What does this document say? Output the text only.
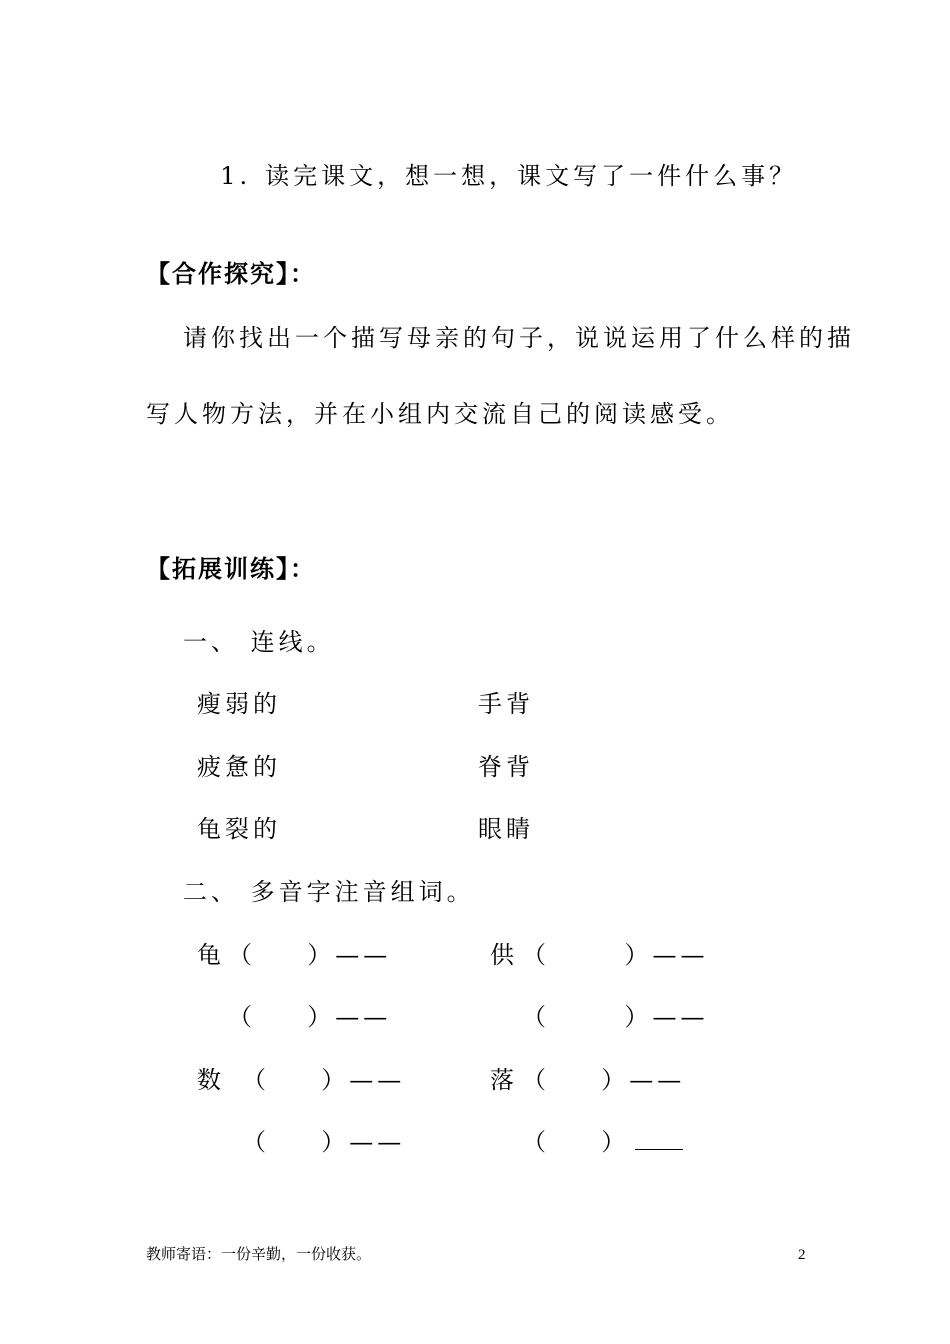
1. 读完课文，想一想，课文写了一件什么事？

【合作探究】：
请你找出一个描写母亲的句子，说说运用了什么样的描
写人物方法，并在小组内交流自己的阅读感受。
【拓展训练】：
一、 连线。
瘦弱的
疲惫的
龟裂的
手背
脊背
眼睛
二、 多音字注音组词。
龟 （　  ）——
（　  ）——
供 （　    ）——
（　    ）——
数 （　  ）——
（　  ）——
落 （　  ）——
（　  ）
教师寄语：一份辛勤，一份收获。	2
